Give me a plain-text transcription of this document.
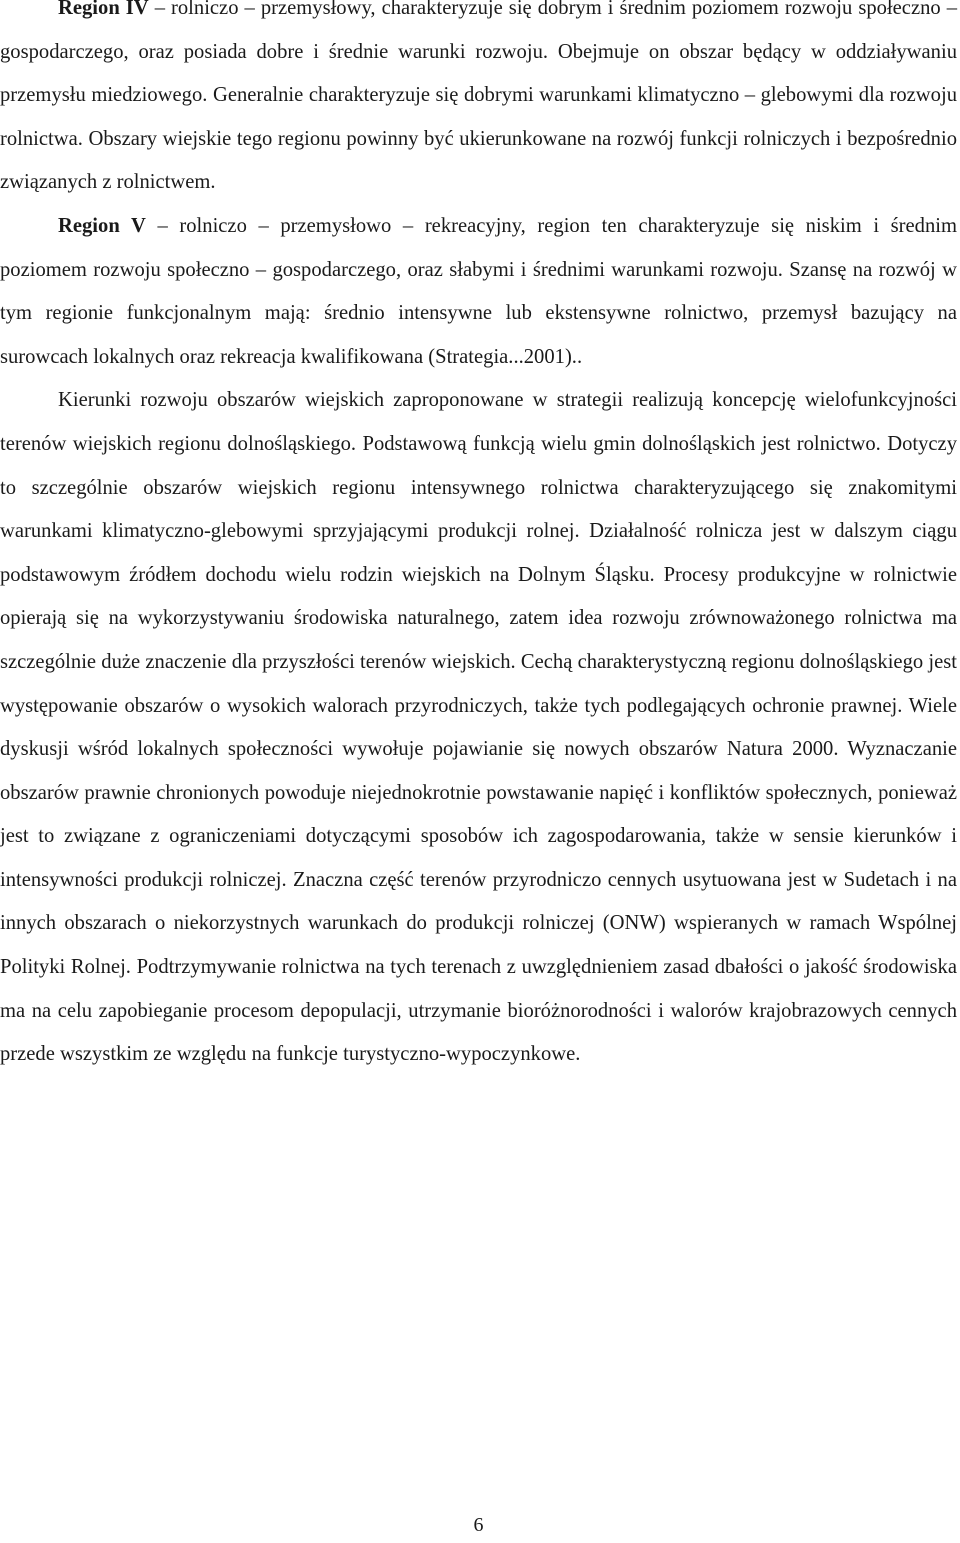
Region IV – rolniczo – przemysłowy, charakteryzuje się dobrym i średnim poziomem rozwoju społeczno – gospodarczego, oraz posiada dobre i średnie warunki rozwoju. Obejmuje on obszar będący w oddziaływaniu przemysłu miedziowego. Generalnie charakteryzuje się dobrymi warunkami klimatyczno – glebowymi dla rozwoju rolnictwa. Obszary wiejskie tego regionu powinny być ukierunkowane na rozwój funkcji rolniczych i bezpośrednio związanych z rolnictwem.

Region V – rolniczo – przemysłowo – rekreacyjny, region ten charakteryzuje się niskim i średnim poziomem rozwoju społeczno – gospodarczego, oraz słabymi i średnimi warunkami rozwoju. Szansę na rozwój w tym regionie funkcjonalnym mają: średnio intensywne lub ekstensywne rolnictwo, przemysł bazujący na surowcach lokalnych oraz rekreacja kwalifikowana (Strategia...2001)..

Kierunki rozwoju obszarów wiejskich zaproponowane w strategii realizują koncepcję wielofunkcyjności terenów wiejskich regionu dolnośląskiego. Podstawową funkcją wielu gmin dolnośląskich jest rolnictwo. Dotyczy to szczególnie obszarów wiejskich regionu intensywnego rolnictwa charakteryzującego się znakomitymi warunkami klimatyczno-glebowymi sprzyjającymi produkcji rolnej. Działalność rolnicza jest w dalszym ciągu podstawowym źródłem dochodu wielu rodzin wiejskich na Dolnym Śląsku. Procesy produkcyjne w rolnictwie opierają się na wykorzystywaniu środowiska naturalnego, zatem idea rozwoju zrównoważonego rolnictwa ma szczególnie duże znaczenie dla przyszłości terenów wiejskich. Cechą charakterystyczną regionu dolnośląskiego jest występowanie obszarów o wysokich walorach przyrodniczych, także tych podlegających ochronie prawnej. Wiele dyskusji wśród lokalnych społeczności wywołuje pojawianie się nowych obszarów Natura 2000. Wyznaczanie obszarów prawnie chronionych powoduje niejednokrotnie powstawanie napięć i konfliktów społecznych, ponieważ jest to związane z ograniczeniami dotyczącymi sposobów ich zagospodarowania, także w sensie kierunków i intensywności produkcji rolniczej. Znaczna część terenów przyrodniczo cennych usytuowana jest w Sudetach i na innych obszarach o niekorzystnych warunkach do produkcji rolniczej (ONW) wspieranych w ramach Wspólnej Polityki Rolnej. Podtrzymywanie rolnictwa na tych terenach z uwzględnieniem zasad dbałości o jakość środowiska ma na celu zapobieganie procesom depopulacji, utrzymanie bioróżnorodności i walorów krajobrazowych cennych przede wszystkim ze względu na funkcje turystyczno-wypoczynkowe.

6
